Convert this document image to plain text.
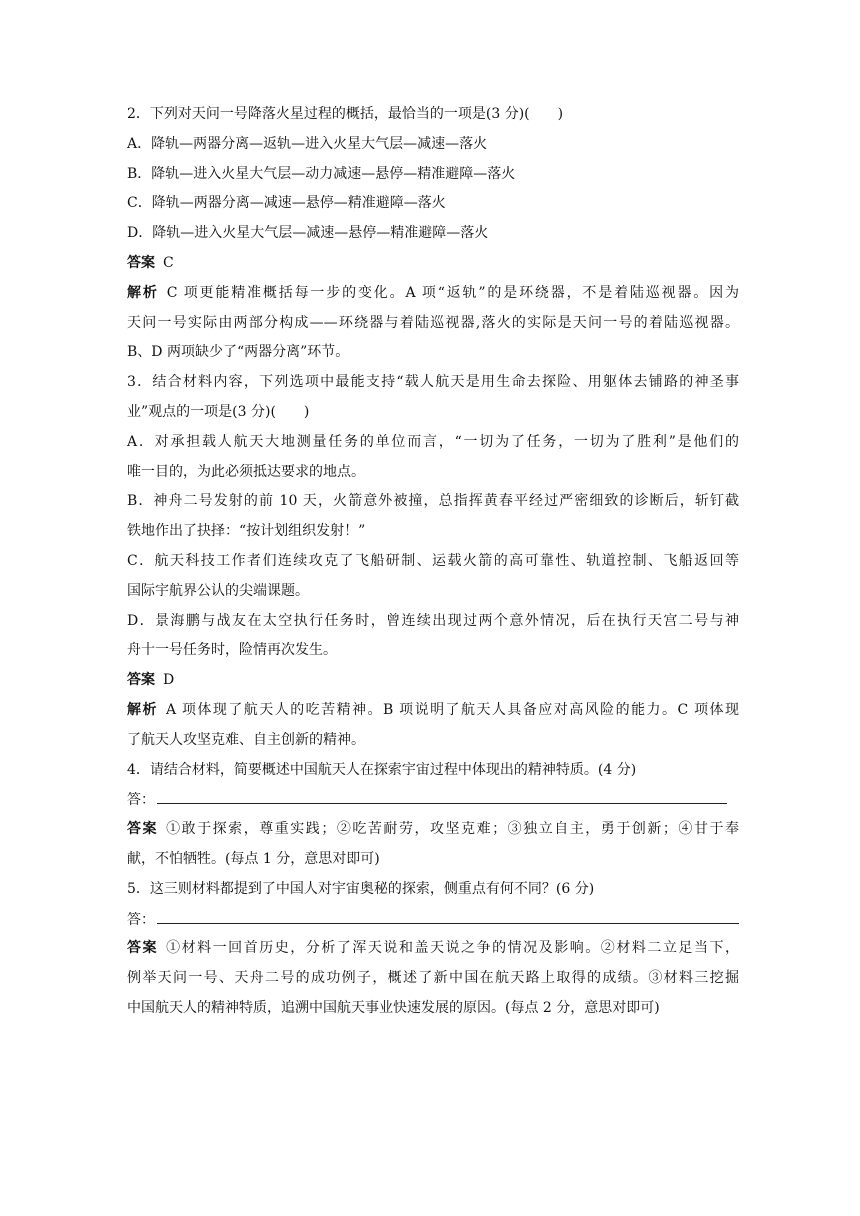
2．下列对天问一号降落火星过程的概括，最恰当的一项是(3 分)(　　)
A．降轨—两器分离—返轨—进入火星大气层—减速—落火
B．降轨—进入火星大气层—动力减速—悬停—精准避障—落火
C．降轨—两器分离—减速—悬停—精准避障—落火
D．降轨—进入火星大气层—减速—悬停—精准避障—落火
答案 C
解析 C 项更能精准概括每一步的变化。A 项“返轨”的是环绕器，不是着陆巡视器。因为
天问一号实际由两部分构成——环绕器与着陆巡视器,落火的实际是天问一号的着陆巡视器。
B、D 两项缺少了“两器分离”环节。
3．结合材料内容，下列选项中最能支持“载人航天是用生命去探险、用躯体去铺路的神圣事
业”观点的一项是(3 分)(　　)
A．对承担载人航天大地测量任务的单位而言，“一切为了任务，一切为了胜利”是他们的
唯一目的，为此必须抵达要求的地点。
B．神舟二号发射的前 10 天，火箭意外被撞，总指挥黄春平经过严密细致的诊断后，斩钉截
铁地作出了抉择：“按计划组织发射！”
C．航天科技工作者们连续攻克了飞船研制、运载火箭的高可靠性、轨道控制、飞船返回等
国际宇航界公认的尖端课题。
D．景海鹏与战友在太空执行任务时，曾连续出现过两个意外情况，后在执行天宫二号与神
舟十一号任务时，险情再次发生。
答案 D
解析 A 项体现了航天人的吃苦精神。B 项说明了航天人具备应对高风险的能力。C 项体现
了航天人攻坚克难、自主创新的精神。
4．请结合材料，简要概述中国航天人在探索宇宙过程中体现出的精神特质。(4 分)
答：
答案 ①敢于探索，尊重实践；②吃苦耐劳，攻坚克难；③独立自主，勇于创新；④甘于奉
献，不怕牺牲。(每点 1 分，意思对即可)
5．这三则材料都提到了中国人对宇宙奥秘的探索，侧重点有何不同？(6 分)
答：
答案 ①材料一回首历史，分析了浑天说和盖天说之争的情况及影响。②材料二立足当下，
例举天问一号、天舟二号的成功例子，概述了新中国在航天路上取得的成绩。③材料三挖掘
中国航天人的精神特质，追溯中国航天事业快速发展的原因。(每点 2 分，意思对即可)
